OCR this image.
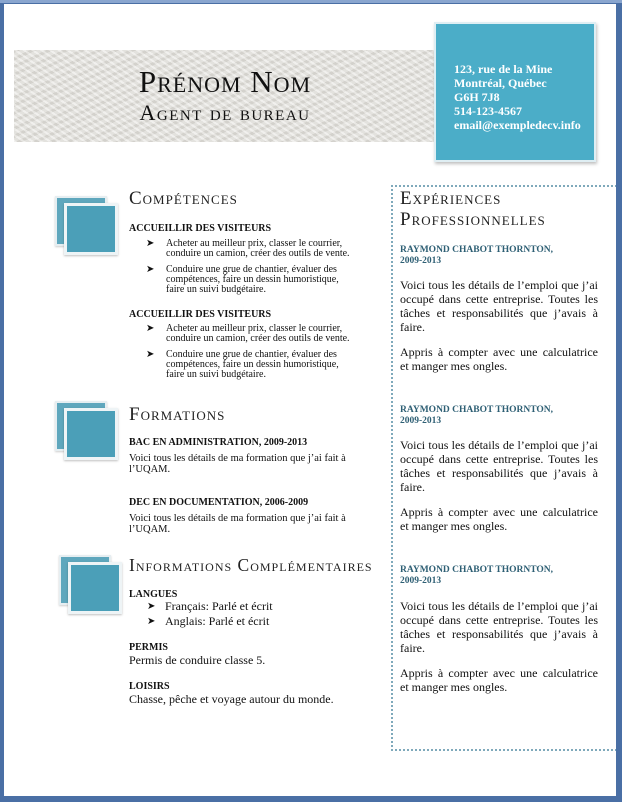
Prénom Nom
Agent de bureau
123, rue de la Mine
Montréal, Québec
G6H 7J8
514-123-4567
email@exempledecv.info
Compétences
ACCUEILLIR DES VISITEURS
➤ Acheter au meilleur prix, classer le courrier,
conduire un camion, créer des outils de vente.
➤ Conduire une grue de chantier, évaluer des
compétences, faire un dessin humoristique,
faire un suivi budgétaire.
ACCUEILLIR DES VISITEURS
➤ Acheter au meilleur prix, classer le courrier,
conduire un camion, créer des outils de vente.
➤ Conduire une grue de chantier, évaluer des
compétences, faire un dessin humoristique,
faire un suivi budgétaire.
Formations
BAC EN ADMINISTRATION, 2009-2013
Voici tous les détails de ma formation que j’ai fait à
l’UQAM.
DEC EN DOCUMENTATION, 2006-2009
Voici tous les détails de ma formation que j’ai fait à
l’UQAM.
Informations Complémentaires
LANGUES
➤ Français: Parlé et écrit
➤ Anglais: Parlé et écrit
PERMIS
Permis de conduire classe 5.
LOISIRS
Chasse, pêche et voyage autour du monde.
Expériences
Professionnelles
RAYMOND CHABOT THORNTON,
2009-2013
Voici tous les détails de l’emploi que j’ai occupé dans cette entreprise. Toutes les tâches et responsabilités que j’avais à faire.
Appris à compter avec une calculatrice et manger mes ongles.
RAYMOND CHABOT THORNTON,
2009-2013
Voici tous les détails de l’emploi que j’ai occupé dans cette entreprise. Toutes les tâches et responsabilités que j’avais à faire.
Appris à compter avec une calculatrice et manger mes ongles.
RAYMOND CHABOT THORNTON,
2009-2013
Voici tous les détails de l’emploi que j’ai occupé dans cette entreprise. Toutes les tâches et responsabilités que j’avais à faire.
Appris à compter avec une calculatrice et manger mes ongles.
